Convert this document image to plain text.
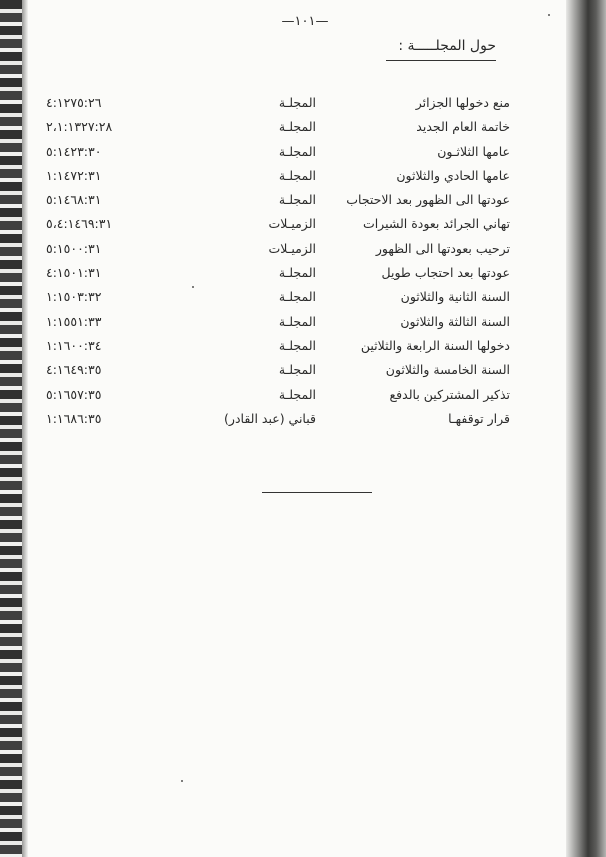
—١٠١—
حول المجلـــــة :
منع دخولها الجزائر
المجلـة
٤:١٢٧٥:٢٦
خاتمة العام الجديد
المجلـة
٢،١:١٣٢٧:٢٨
عامها الثلاثـون
المجلـة
٥:١٤٢٣:٣٠
عامها الحادي والثلاثون
المجلـة
١:١٤٧٢:٣١
عودتها الى الظهور بعد الاحتجاب
المجلـة
٥:١٤٦٨:٣١
تهاني الجرائد بعودة الشيرات
الزميـلات
٥،٤:١٤٦٩:٣١
ترحيب بعودتها الى الظهور
الزميـلات
٥:١٥٠٠:٣١
عودتها بعد احتجاب طويل
المجلـة
٤:١٥٠١:٣١
السنة الثانية والثلاثون
المجلـة
١:١٥٠٣:٣٢
السنة الثالثة والثلاثون
المجلـة
١:١٥٥١:٣٣
دخولها السنة الرابعة والثلاثين
المجلـة
١:١٦٠٠:٣٤
السنة الخامسة والثلاثون
المجلـة
٤:١٦٤٩:٣٥
تذكير المشتركين بالدفع
المجلـة
٥:١٦٥٧:٣٥
قرار توقفهـا
قباني (عبد القادر)
١:١٦٨٦:٣٥
